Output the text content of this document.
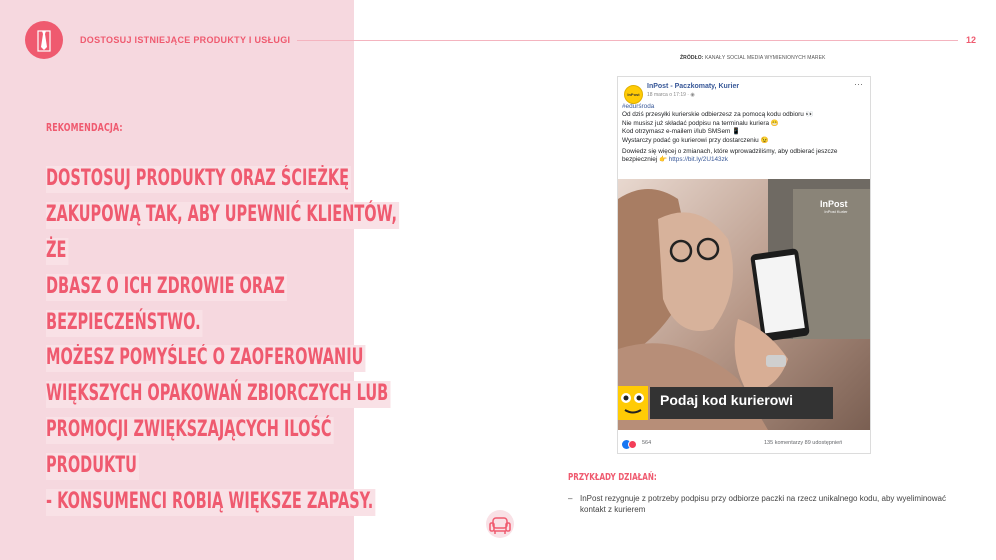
DOSTOSUJ ISTNIEJĄCE PRODUKTY I USŁUGI	12
REKOMENDACJA:
DOSTOSUJ PRODUKTY ORAZ ŚCIEŻKĘ
ZAKUPOWĄ TAK, ABY UPEWNIĆ KLIENTÓW, ŻE
DBASZ O ICH ZDROWIE ORAZ
BEZPIECZEŃSTWO.
MOŻESZ POMYŚLEĆ O ZAOFEROWANIU
WIĘKSZYCH OPAKOWAŃ ZBIORCZYCH LUB
PROMOCJI ZWIĘKSZAJĄCYCH ILOŚĆ PRODUKTU
- KONSUMENCI ROBIĄ WIĘKSZE ZAPASY.
ŹRÓDŁO: KANAŁY SOCIAL MEDIA WYMIENIONYCH MAREK
InPost
InPost - Paczkomaty, Kurier
18 marca o 17:19 · ◉
···
#edurśroda
Od dziś przesyłki kurierskie odbierzesz za pomocą kodu odbioru 👀
Nie musisz już składać podpisu na terminalu kuriera 😁
Kod otrzymasz e-mailem i/lub SMSem 📱
Wystarczy podać go kurierowi przy dostarczeniu 😉
Dowiedz się więcej o zmianach, które wprowadziliśmy, aby odbierać jeszcze bezpieczniej 👉 https://bit.ly/2U143zk
InPost
InPost Kurier
Podaj kod kurierowi
564	135 komentarzy 89 udostępnień
PRZYKŁADY DZIAŁAŃ:
– InPost rezygnuje z potrzeby podpisu przy odbiorze paczki na rzecz unikalnego kodu, aby wyeliminować kontakt z kurierem
